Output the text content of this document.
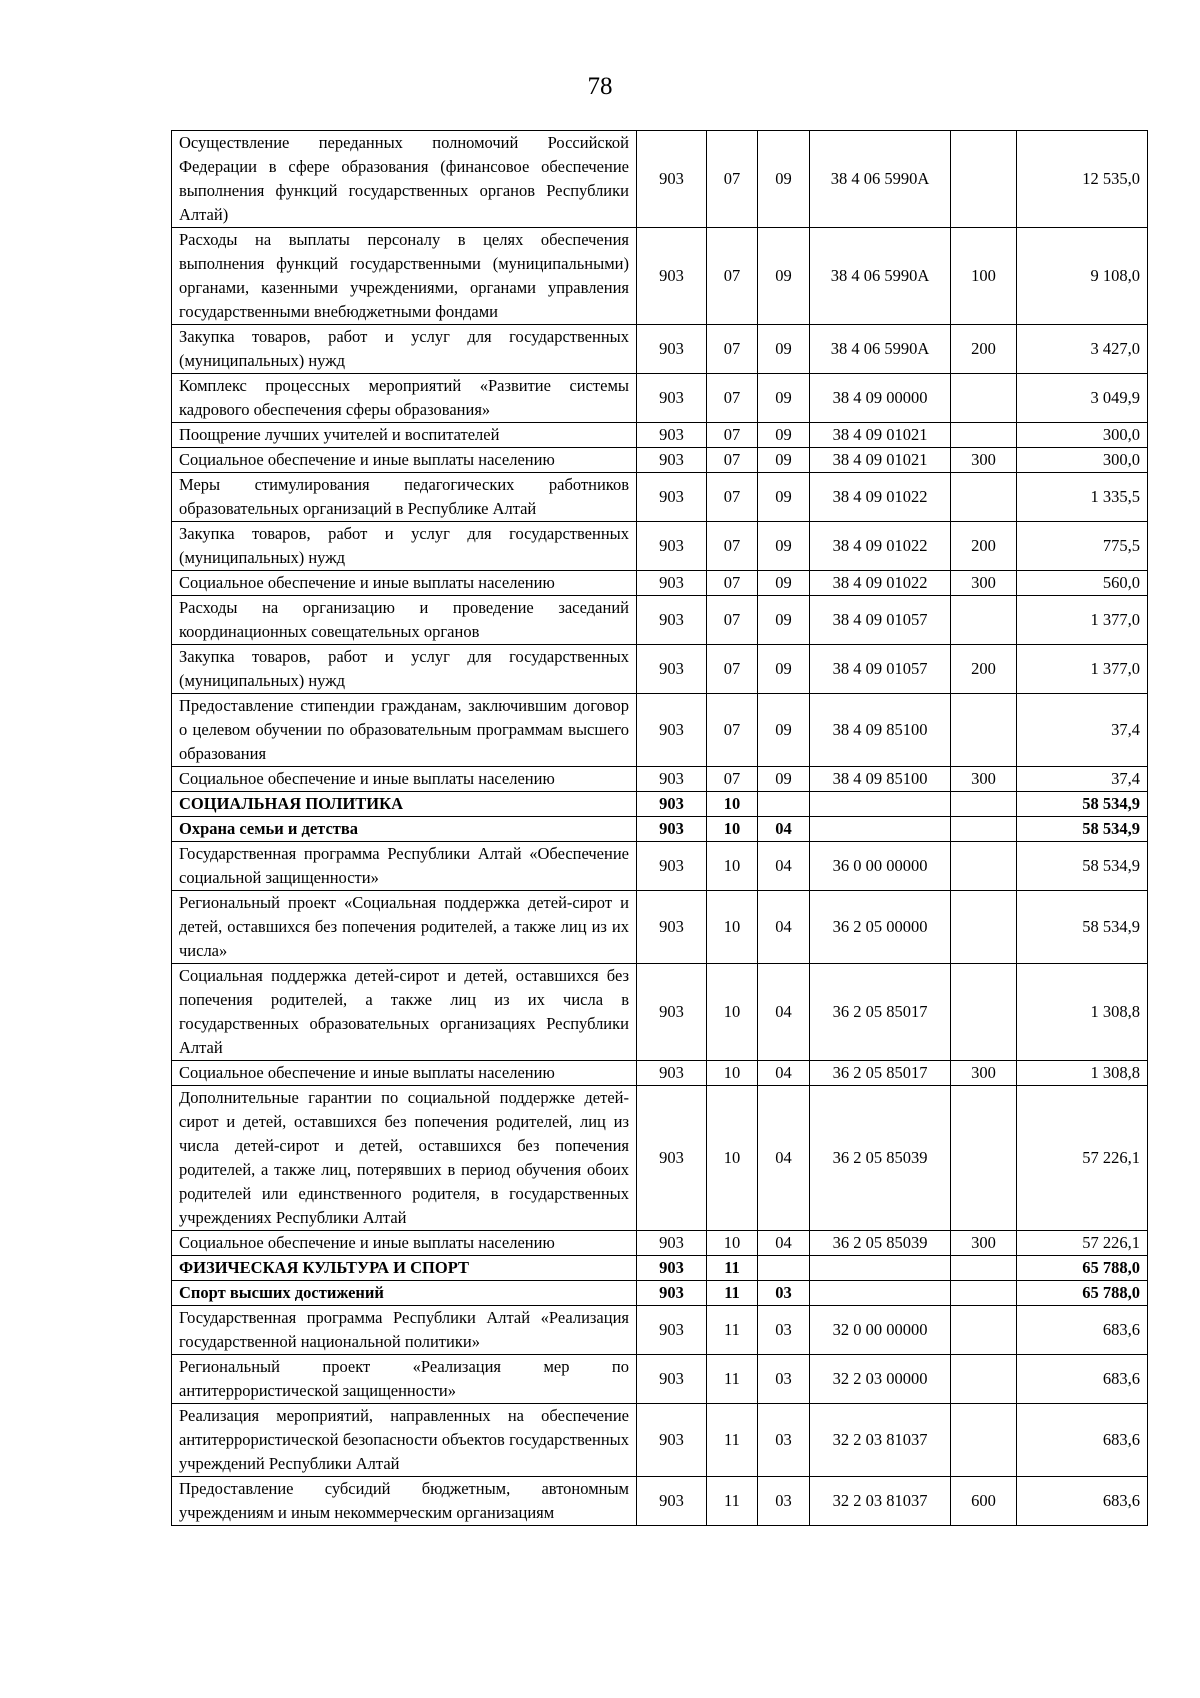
78
Осуществление переданных полномочий Российской Федерации в сфере образования (финансовое обеспечение выполнения функций государственных органов Республики Алтай)	903	07	09	38 4 06 5990А		12 535,0
Расходы на выплаты персоналу в целях обеспечения выполнения функций государственными (муниципальными) органами, казенными учреждениями, органами управления государственными внебюджетными фондами	903	07	09	38 4 06 5990А	100	9 108,0
Закупка товаров, работ и услуг для государственных (муниципальных) нужд	903	07	09	38 4 06 5990А	200	3 427,0
Комплекс процессных мероприятий «Развитие системы кадрового обеспечения сферы образования»	903	07	09	38 4 09 00000		3 049,9
Поощрение лучших учителей и воспитателей	903	07	09	38 4 09 01021		300,0
Социальное обеспечение и иные выплаты населению	903	07	09	38 4 09 01021	300	300,0
Меры стимулирования педагогических работников образовательных организаций в Республике Алтай	903	07	09	38 4 09 01022		1 335,5
Закупка товаров, работ и услуг для государственных (муниципальных) нужд	903	07	09	38 4 09 01022	200	775,5
Социальное обеспечение и иные выплаты населению	903	07	09	38 4 09 01022	300	560,0
Расходы на организацию и проведение заседаний координационных совещательных органов	903	07	09	38 4 09 01057		1 377,0
Закупка товаров, работ и услуг для государственных (муниципальных) нужд	903	07	09	38 4 09 01057	200	1 377,0
Предоставление стипендии гражданам, заключившим договор о целевом обучении по образовательным программам высшего образования	903	07	09	38 4 09 85100		37,4
Социальное обеспечение и иные выплаты населению	903	07	09	38 4 09 85100	300	37,4
СОЦИАЛЬНАЯ ПОЛИТИКА	903	10				58 534,9
Охрана семьи и детства	903	10	04			58 534,9
Государственная программа Республики Алтай «Обеспечение социальной защищенности»	903	10	04	36 0 00 00000		58 534,9
Региональный проект «Социальная поддержка детей-сирот и детей, оставшихся без попечения родителей, а также лиц из их числа»	903	10	04	36 2 05 00000		58 534,9
Социальная поддержка детей-сирот и детей, оставшихся без попечения родителей, а также лиц из их числа в государственных образовательных организациях Республики Алтай	903	10	04	36 2 05 85017		1 308,8
Социальное обеспечение и иные выплаты населению	903	10	04	36 2 05 85017	300	1 308,8
Дополнительные гарантии по социальной поддержке детей-сирот и детей, оставшихся без попечения родителей, лиц из числа детей-сирот и детей, оставшихся без попечения родителей, а также лиц, потерявших в период обучения обоих родителей или единственного родителя, в государственных учреждениях Республики Алтай	903	10	04	36 2 05 85039		57 226,1
Социальное обеспечение и иные выплаты населению	903	10	04	36 2 05 85039	300	57 226,1
ФИЗИЧЕСКАЯ КУЛЬТУРА И СПОРТ	903	11				65 788,0
Спорт высших достижений	903	11	03			65 788,0
Государственная программа Республики Алтай «Реализация государственной национальной политики»	903	11	03	32 0 00 00000		683,6
Региональный проект «Реализация мер по антитеррористической защищенности»	903	11	03	32 2 03 00000		683,6
Реализация мероприятий, направленных на обеспечение антитеррористической безопасности объектов государственных учреждений Республики Алтай	903	11	03	32 2 03 81037		683,6
Предоставление субсидий бюджетным, автономным учреждениям и иным некоммерческим организациям	903	11	03	32 2 03 81037	600	683,6
